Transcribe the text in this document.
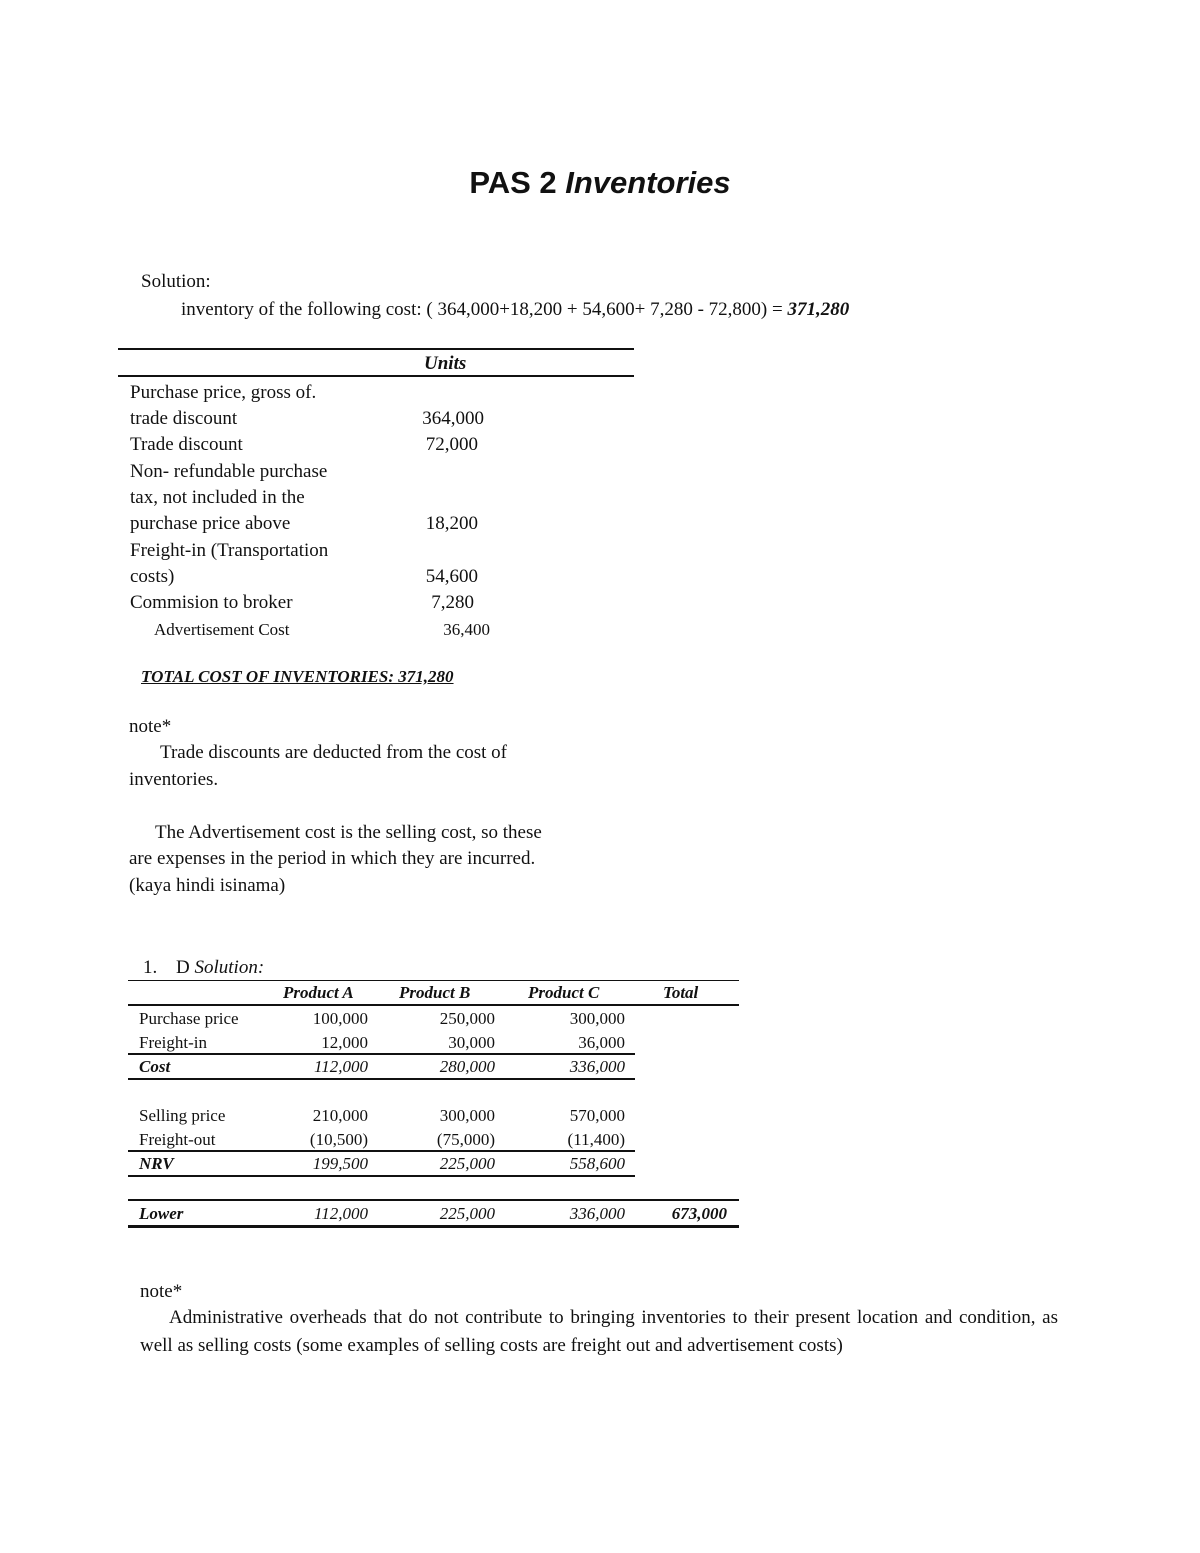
PAS 2 Inventories
Solution:
inventory of the following cost: ( 364,000+18,200 + 54,600+ 7,280 - 72,800) = 371,280
Units
Purchase price, gross of.
trade discount	364,000
Trade discount	72,000
Non- refundable purchase
tax, not included in the
purchase price above	18,200
Freight-in (Transportation
costs)	54,600
Commision to broker	7,280
Advertisement Cost	36,400
TOTAL COST OF INVENTORIES: 371,280
note*
Trade discounts are deducted from the cost of
inventories.
The Advertisement cost is the selling cost, so these
are expenses in the period in which they are incurred.
(kaya hindi isinama)
1. D Solution:
Product A	Product B	Product C	Total
Purchase price	100,000	250,000	300,000
Freight-in	12,000	30,000	36,000
Cost	112,000	280,000	336,000
Selling price	210,000	300,000	570,000
Freight-out	(10,500)	(75,000)	(11,400)
NRV	199,500	225,000	558,600
Lower	112,000	225,000	336,000	673,000
note*
Administrative overheads that do not contribute to bringing inventories to their present location and condition, as well as selling costs (some examples of selling costs are freight out and advertisement costs)
